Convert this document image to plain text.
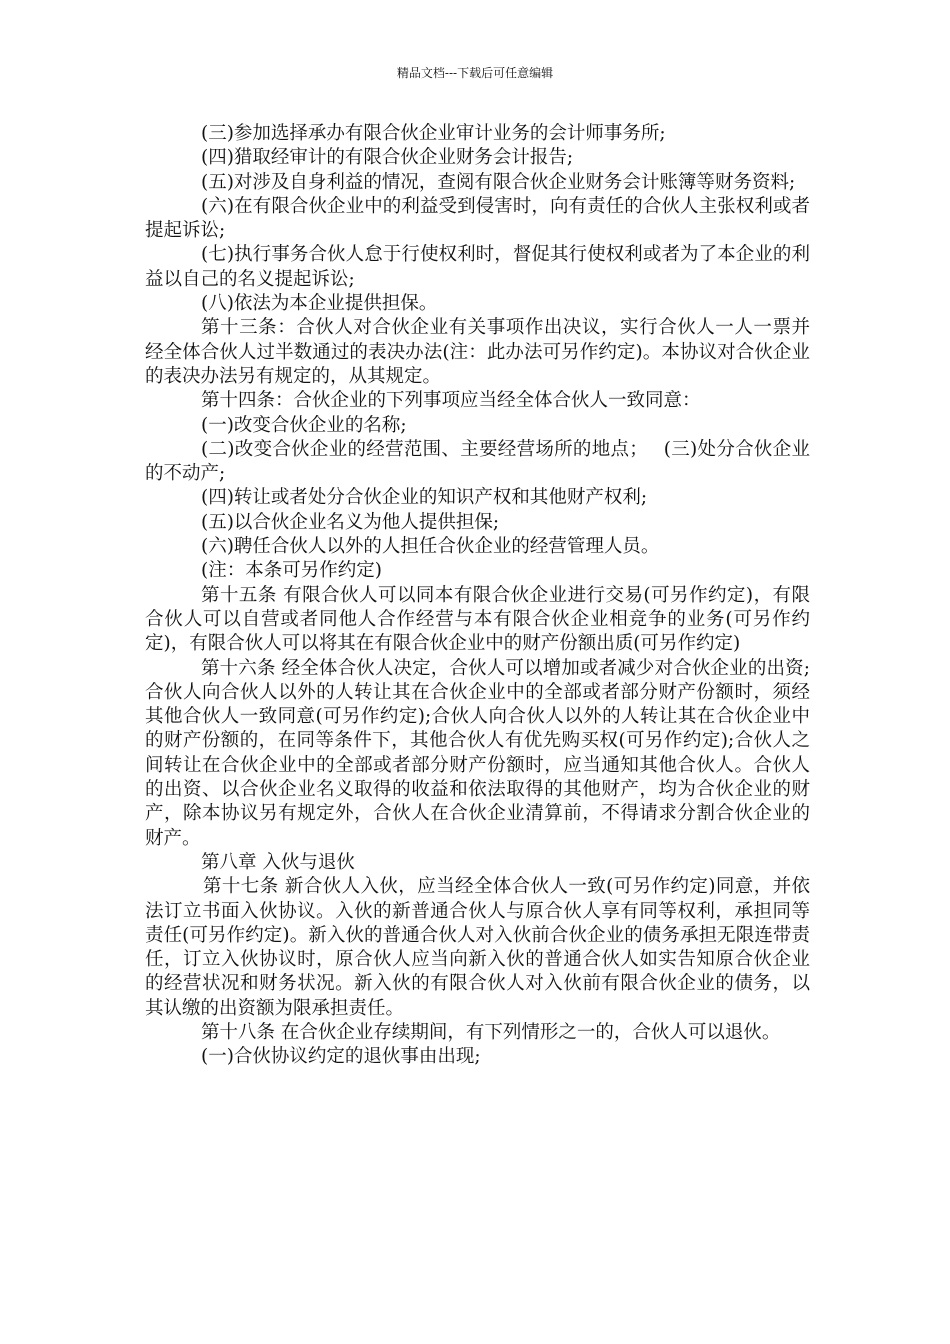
精品文档---下载后可任意编辑

(三)参加选择承办有限合伙企业审计业务的会计师事务所;

(四)猎取经审计的有限合伙企业财务会计报告;

(五)对涉及自身利益的情况，查阅有限合伙企业财务会计账簿等财务资料;

(六)在有限合伙企业中的利益受到侵害时，向有责任的合伙人主张权利或者提起诉讼;

(七)执行事务合伙人怠于行使权利时，督促其行使权利或者为了本企业的利益以自己的名义提起诉讼;

(八)依法为本企业提供担保。

第十三条：合伙人对合伙企业有关事项作出决议，实行合伙人一人一票并经全体合伙人过半数通过的表决办法(注：此办法可另作约定)。本协议对合伙企业的表决办法另有规定的，从其规定。

第十四条：合伙企业的下列事项应当经全体合伙人一致同意：

(一)改变合伙企业的名称;

(二)改变合伙企业的经营范围、主要经营场所的地点；　 (三)处分合伙企业的不动产;

(四)转让或者处分合伙企业的知识产权和其他财产权利;

(五)以合伙企业名义为他人提供担保;

(六)聘任合伙人以外的人担任合伙企业的经营管理人员。

(注：本条可另作约定)

第十五条 有限合伙人可以同本有限合伙企业进行交易(可另作约定)，有限合伙人可以自营或者同他人合作经营与本有限合伙企业相竞争的业务(可另作约定)，有限合伙人可以将其在有限合伙企业中的财产份额出质(可另作约定)

第十六条 经全体合伙人决定，合伙人可以增加或者减少对合伙企业的出资;合伙人向合伙人以外的人转让其在合伙企业中的全部或者部分财产份额时，须经其他合伙人一致同意(可另作约定);合伙人向合伙人以外的人转让其在合伙企业中的财产份额的，在同等条件下，其他合伙人有优先购买权(可另作约定);合伙人之间转让在合伙企业中的全部或者部分财产份额时，应当通知其他合伙人。合伙人的出资、以合伙企业名义取得的收益和依法取得的其他财产，均为合伙企业的财产，除本协议另有规定外，合伙人在合伙企业清算前，不得请求分割合伙企业的财产。

第八章 入伙与退伙

第十七条 新合伙人入伙，应当经全体合伙人一致(可另作约定)同意，并依法订立书面入伙协议。入伙的新普通合伙人与原合伙人享有同等权利，承担同等责任(可另作约定)。新入伙的普通合伙人对入伙前合伙企业的债务承担无限连带责任，订立入伙协议时，原合伙人应当向新入伙的普通合伙人如实告知原合伙企业的经营状况和财务状况。新入伙的有限合伙人对入伙前有限合伙企业的债务，以其认缴的出资额为限承担责任。

第十八条 在合伙企业存续期间，有下列情形之一的，合伙人可以退伙。

(一)合伙协议约定的退伙事由出现;
